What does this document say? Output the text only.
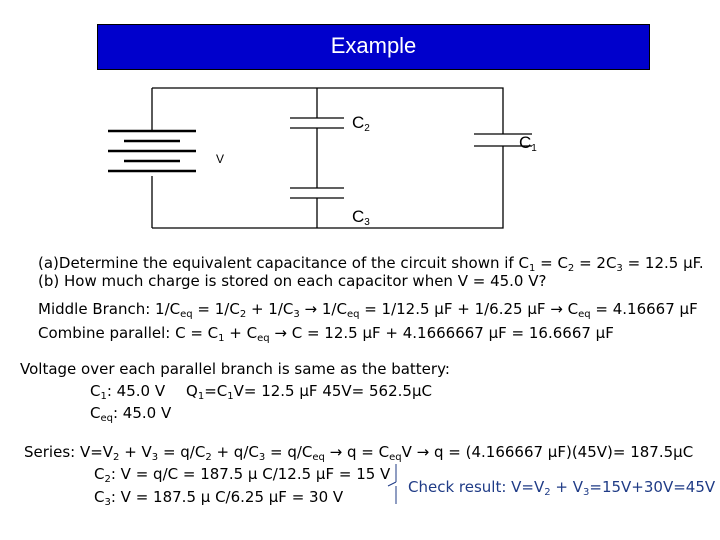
Example
$C_2$
$C_1$
$C_3$
V
(a)Determine the equivalent capacitance of the circuit shown if $C_1 = C_2 = 2C_3 = 12.5$ µF.
(b) How much charge is stored on each capacitor when V = 45.0 V?
Middle Branch: $1/C_{eq} = 1/C_2 + 1/C_3 \to 1/C_{eq} = 1/12.5$ µF + 1/6.25 $\mu F \to C_{eq} = 4.16667$ µF
Combine parallel: $C = C_1 + C_{eq} \to C = 12.5$ µF + 4.1666667 µF = 16.6667 µF
Voltage over each parallel branch is same as the battery:
$C_1$: 45.0 V $Q_1=C_1V= 12.5$ µF 45V= 562.5µC
$C_{eq}$: 45.0 V
Series: $V=V_2 + V_3 = q/C_2 + q/C_3 = q/C_{eq} \to q = C_{eq}V \to q = (4.166667$ µF)(45V)= 187.5µC
$C_2$: V = q/C = 187.5 µ C/12.5 µF = 15 V
$C_3$: V = 187.5 µ C/6.25 µF = 30 V
Check result: $V=V_2 + V_3=15V+30V=45V$
